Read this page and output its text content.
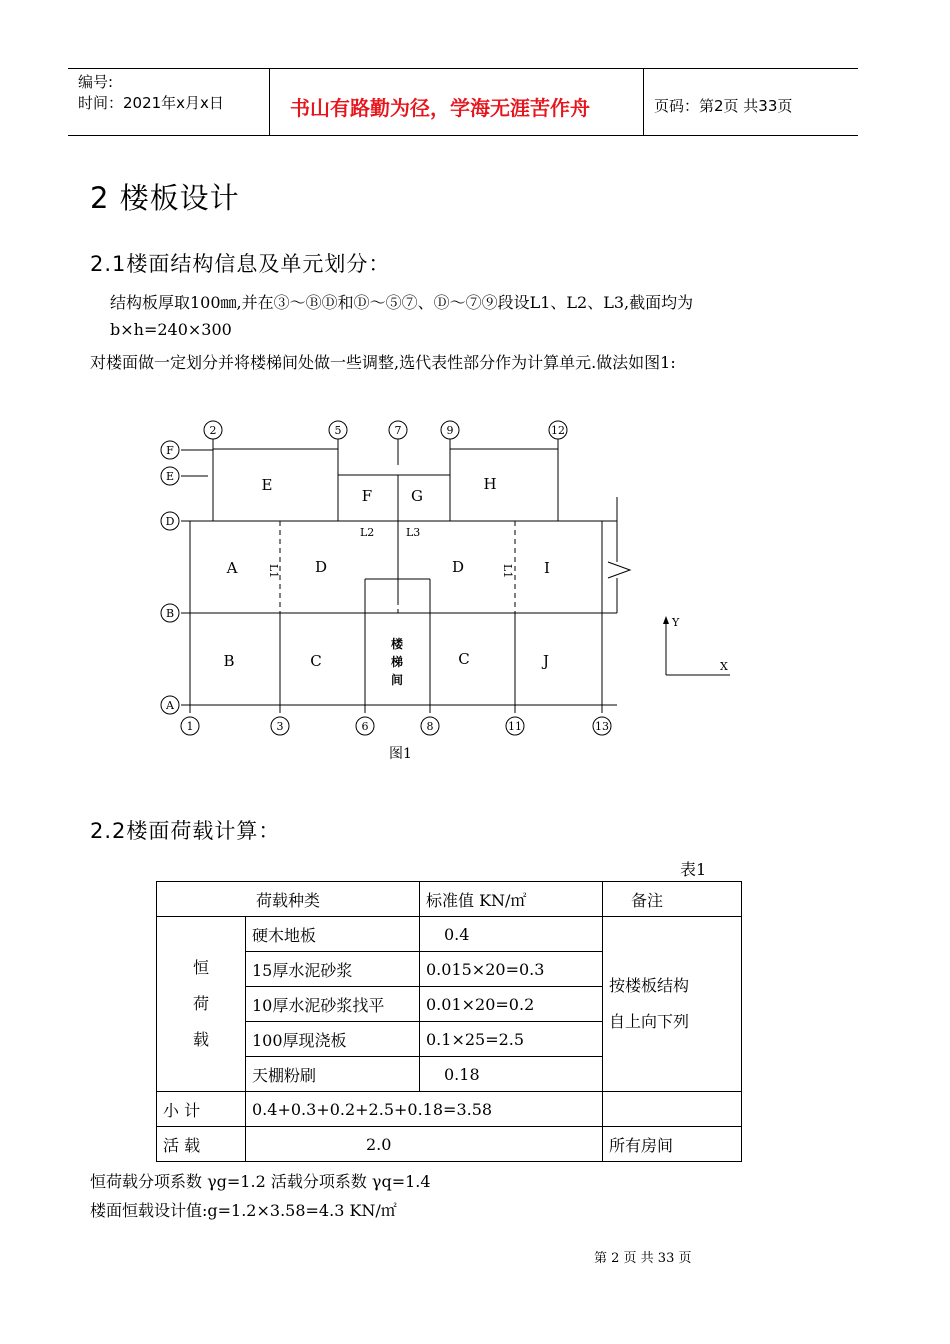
编号:
时间：2021年x月x日	书山有路勤为径，学海无涯苦作舟	页码：第2页 共33页
2 楼板设计
2.1楼面结构信息及单元划分：
结构板厚取100㎜,并在③～ⒷⒹ和Ⓓ～⑤⑦、Ⓓ～⑦⑨段设L1、L2、L3,截面均为
b×h=240×300
对楼面做一定划分并将楼梯间处做一些调整,选代表性部分作为计算单元.做法如图1:
2	5	7	9	12
1	3	6	8	11	13
F
E
D
B
A
E
F	G
H
A	D	D	I
B	C	C	J
L1	L1
L2	L3
楼
梯
间
Y
X
图1
2.2楼面荷载计算：
表1
荷载种类		标准值 KN/㎡	备注
恒
荷
载	硬木地板	0.4	按楼板结构
自上向下列
	15厚水泥砂浆	0.015×20=0.3	
	10厚水泥砂浆找平	0.01×20=0.2	
	100厚现浇板	0.1×25=2.5	
	天棚粉刷	0.18	
小 计	0.4+0.3+0.2+2.5+0.18=3.58		
活 载	2.0		所有房间
恒荷载分项系数 γg=1.2 活载分项系数 γq=1.4
楼面恒载设计值:g=1.2×3.58=4.3 KN/㎡
第 2 页 共 33 页
